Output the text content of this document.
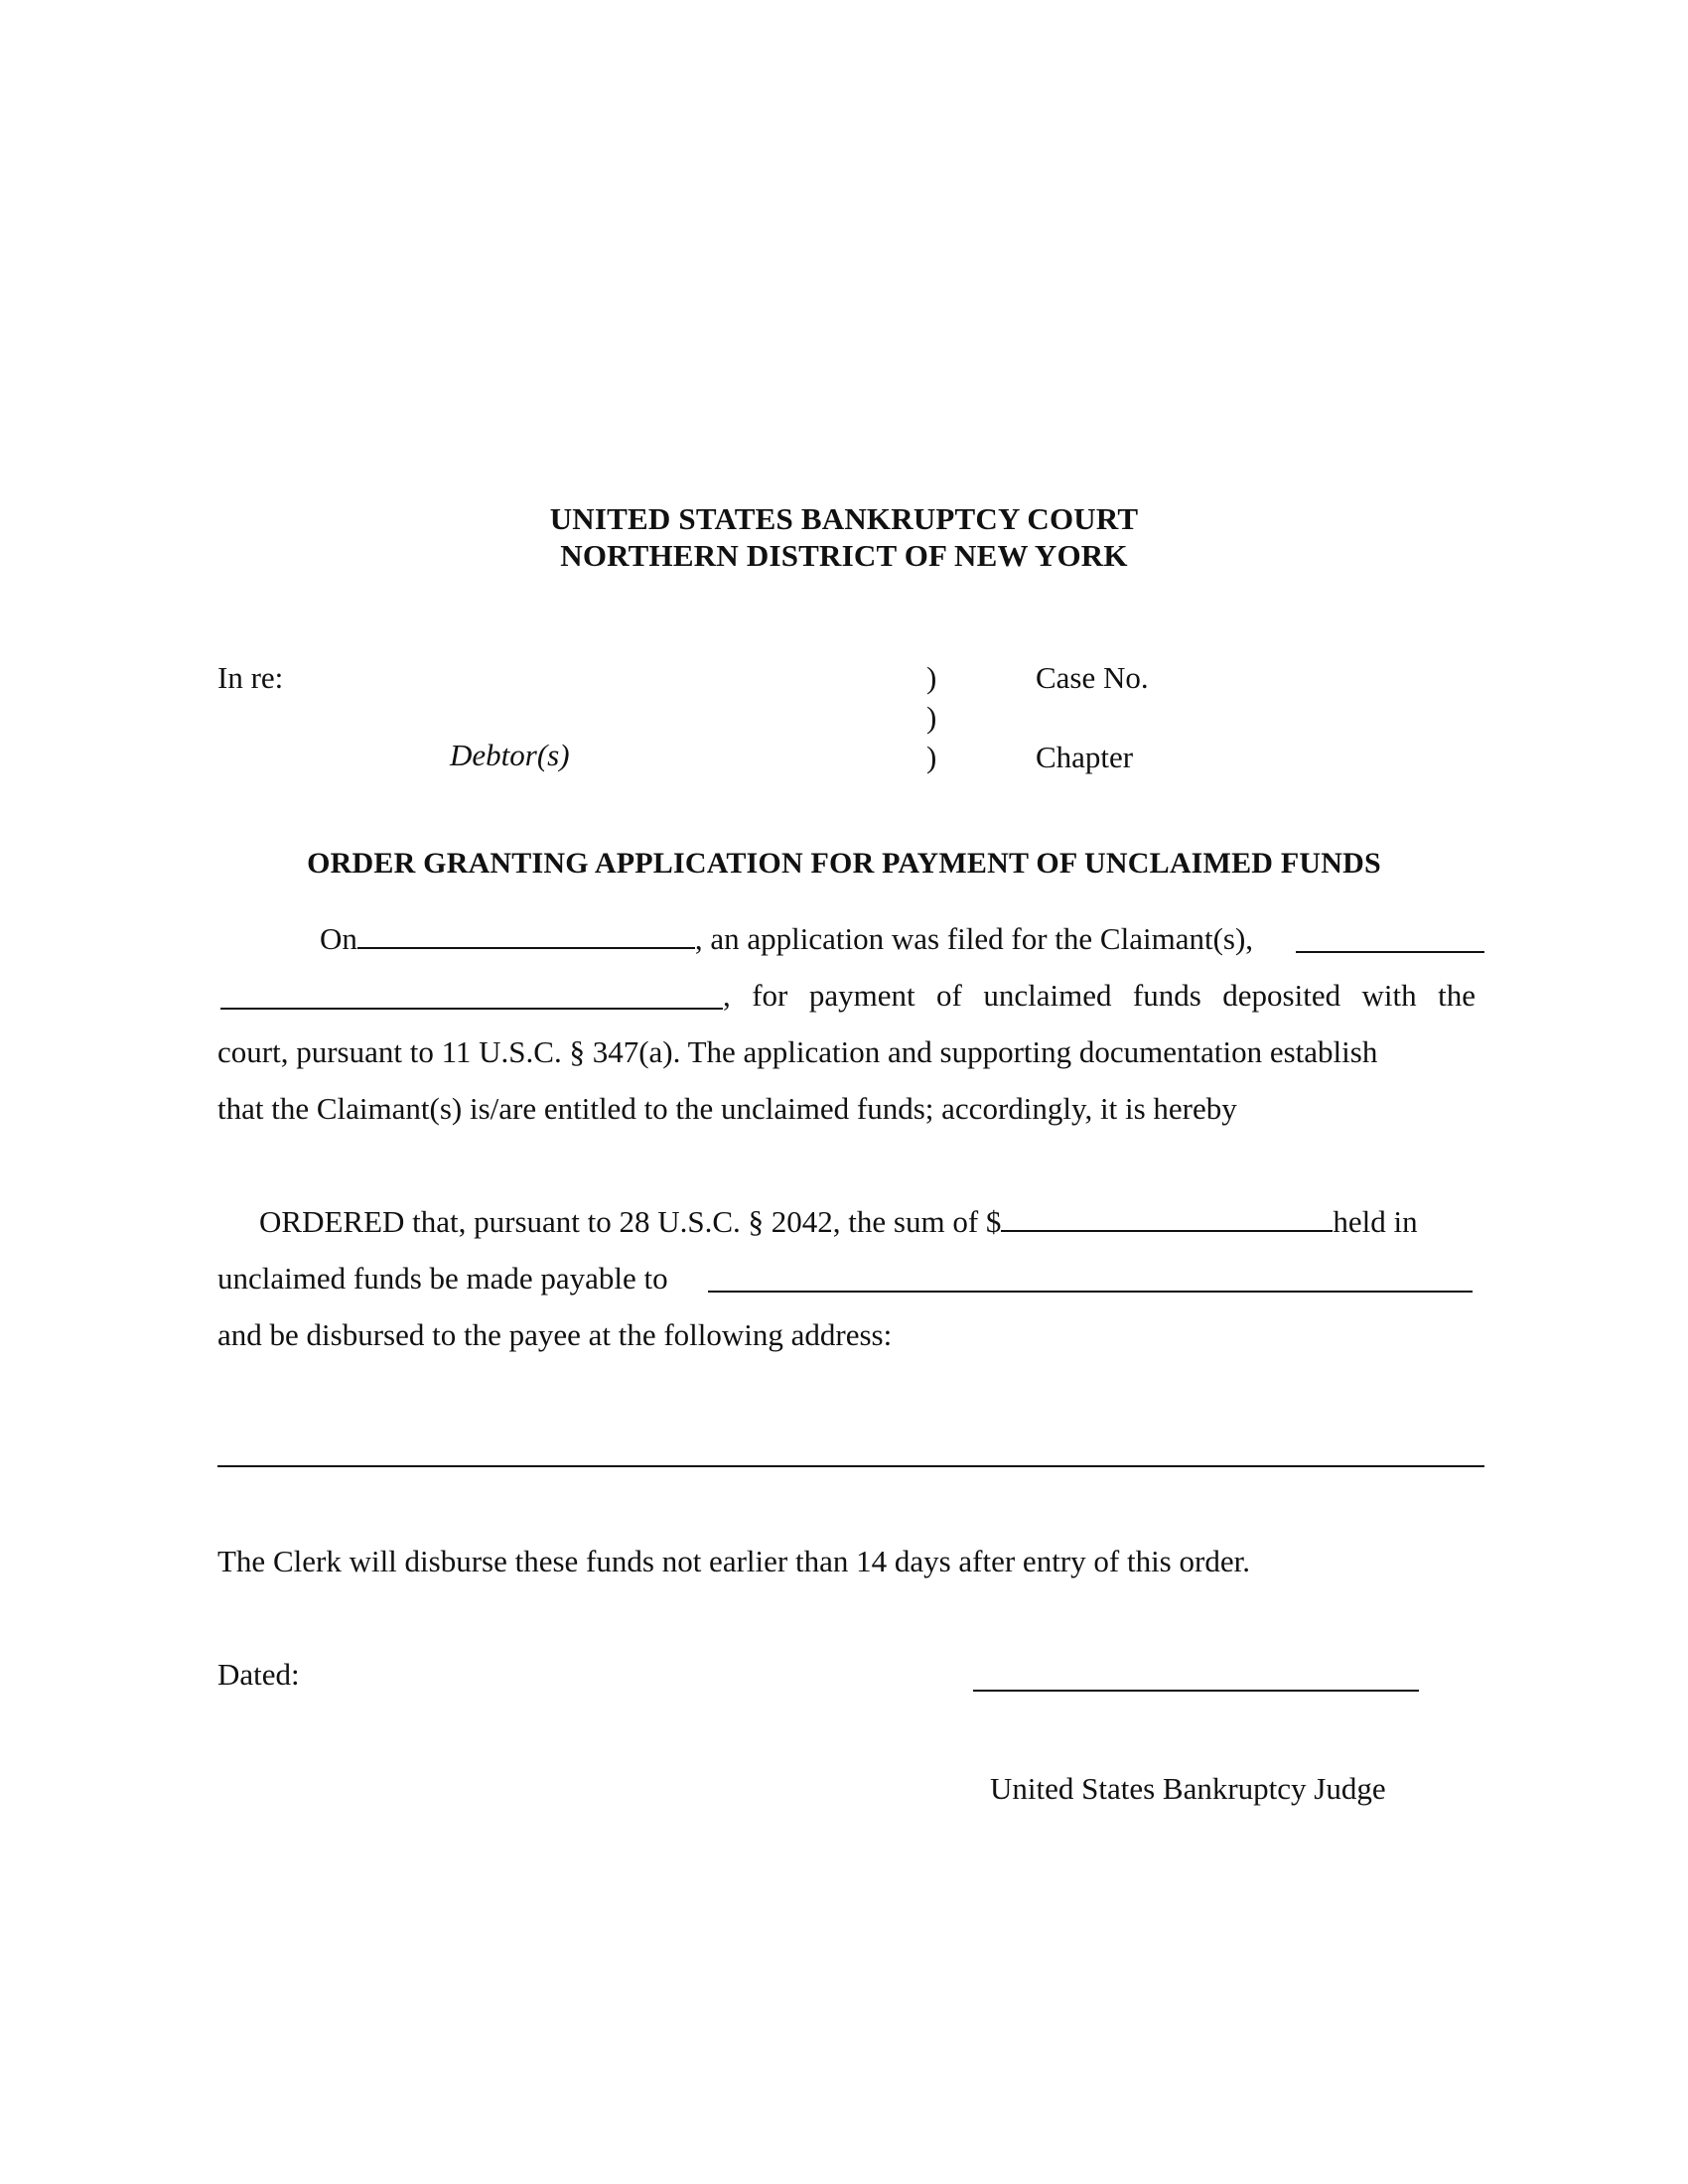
UNITED STATES BANKRUPTCY COURT
NORTHERN DISTRICT OF NEW YORK
In re:
Debtor(s)
)
)
)
Case No.
Chapter
ORDER GRANTING APPLICATION FOR PAYMENT OF UNCLAIMED FUNDS
On	, an application was filed for the Claimant(s),
, for payment of unclaimed funds deposited with the
court, pursuant to 11 U.S.C. § 347(a). The application and supporting documentation establish
that the Claimant(s) is/are entitled to the unclaimed funds; accordingly, it is hereby
ORDERED that, pursuant to 28 U.S.C. § 2042, the sum of $	held in
unclaimed funds be made payable to
and be disbursed to the payee at the following address:
The Clerk will disburse these funds not earlier than 14 days after entry of this order.
Dated:
United States Bankruptcy Judge
